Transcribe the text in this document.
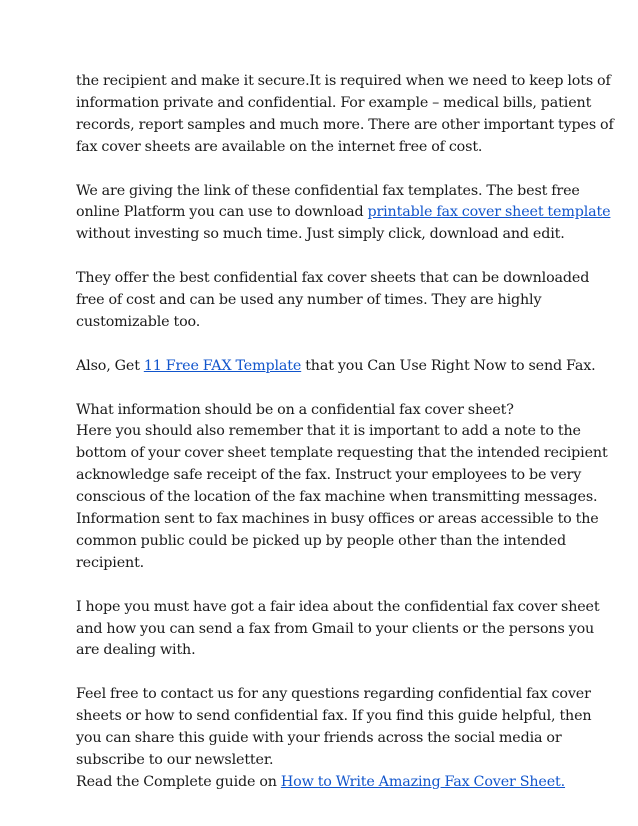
the recipient and make it secure.It is required when we need to keep lots of
information private and confidential. For example – medical bills, patient
records, report samples and much more. There are other important types of
fax cover sheets are available on the internet free of cost.

We are giving the link of these confidential fax templates. The best free
online Platform you can use to download printable fax cover sheet template
without investing so much time. Just simply click, download and edit.

They offer the best confidential fax cover sheets that can be downloaded
free of cost and can be used any number of times. They are highly
customizable too.

Also, Get 11 Free FAX Template that you Can Use Right Now to send Fax.

What information should be on a confidential fax cover sheet?
Here you should also remember that it is important to add a note to the
bottom of your cover sheet template requesting that the intended recipient
acknowledge safe receipt of the fax. Instruct your employees to be very
conscious of the location of the fax machine when transmitting messages.
Information sent to fax machines in busy offices or areas accessible to the
common public could be picked up by people other than the intended
recipient.

I hope you must have got a fair idea about the confidential fax cover sheet
and how you can send a fax from Gmail to your clients or the persons you
are dealing with.

Feel free to contact us for any questions regarding confidential fax cover
sheets or how to send confidential fax. If you find this guide helpful, then
you can share this guide with your friends across the social media or
subscribe to our newsletter.
Read the Complete guide on How to Write Amazing Fax Cover Sheet.
